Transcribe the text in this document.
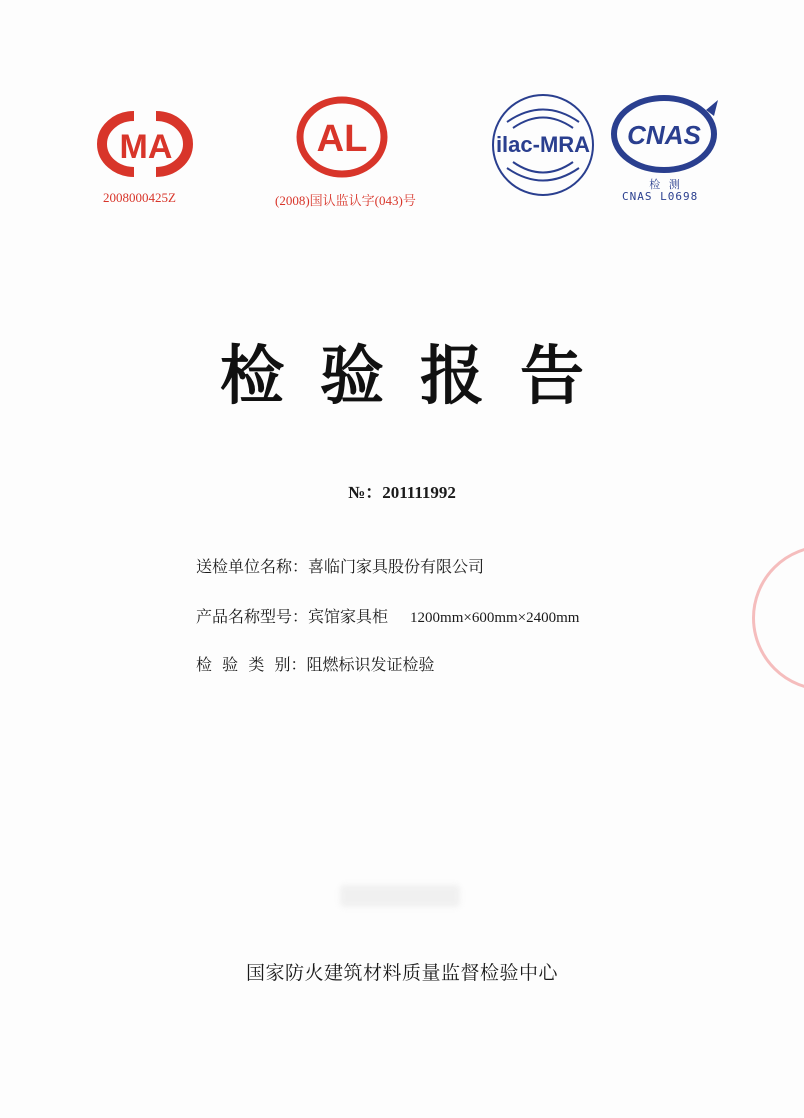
MA
2008000425Z
AL
(2008)国认监认字(043)号
ilac-MRA CNAS
检 测
CNAS L0698
检验报告
№：201111992
送检单位名称：喜临门家具股份有限公司
产品名称型号：宾馆家具柜 1200mm×600mm×2400mm
检  验  类  别：阻燃标识发证检验
国家防火建筑材料质量监督检验中心
